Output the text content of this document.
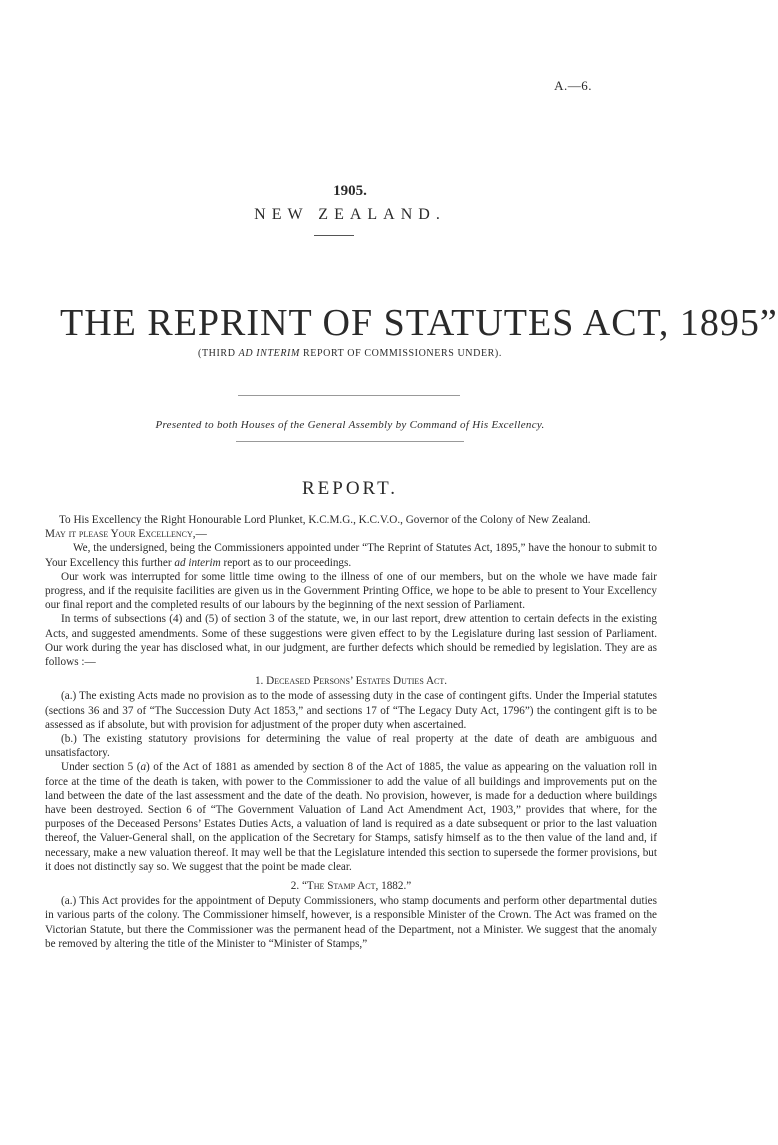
A.—6.
1905.
NEW ZEALAND.
THE REPRINT OF STATUTES ACT, 1895”
(THIRD AD INTERIM REPORT OF COMMISSIONERS UNDER).
Presented to both Houses of the General Assembly by Command of His Excellency.
REPORT.

To His Excellency the Right Honourable Lord Plunket, K.C.M.G., K.C.V.O., Governor of the Colony of New Zealand.

May it please Your Excellency,—

We, the undersigned, being the Commissioners appointed under “The Reprint of Statutes Act, 1895,” have the honour to submit to Your Excellency this further ad interim report as to our proceedings.

Our work was interrupted for some little time owing to the illness of one of our members, but on the whole we have made fair progress, and if the requisite facilities are given us in the Government Printing Office, we hope to be able to present to Your Excellency our final report and the completed results of our labours by the beginning of the next session of Parliament.

In terms of subsections (4) and (5) of section 3 of the statute, we, in our last report, drew attention to certain defects in the existing Acts, and suggested amendments. Some of these suggestions were given effect to by the Legislature during last session of Parliament. Our work during the year has disclosed what, in our judgment, are further defects which should be remedied by legislation. They are as follows :—

1. Deceased Persons’ Estates Duties Act.

(a.) The existing Acts made no provision as to the mode of assessing duty in the case of contingent gifts. Under the Imperial statutes (sections 36 and 37 of “The Succession Duty Act 1853,” and sections 17 of “The Legacy Duty Act, 1796”) the contingent gift is to be assessed as if absolute, but with provision for adjustment of the proper duty when ascertained.

(b.) The existing statutory provisions for determining the value of real property at the date of death are ambiguous and unsatisfactory.

Under section 5 (a) of the Act of 1881 as amended by section 8 of the Act of 1885, the value as appearing on the valuation roll in force at the time of the death is taken, with power to the Commissioner to add the value of all buildings and improvements put on the land between the date of the last assessment and the date of the death. No provision, however, is made for a deduction where buildings have been destroyed. Section 6 of “The Government Valuation of Land Act Amendment Act, 1903,” provides that where, for the purposes of the Deceased Persons’ Estates Duties Acts, a valuation of land is required as a date subsequent or prior to the last valuation thereof, the Valuer-General shall, on the application of the Secretary for Stamps, satisfy himself as to the then value of the land and, if necessary, make a new valuation thereof. It may well be that the Legislature intended this section to supersede the former provisions, but it does not distinctly say so. We suggest that the point be made clear.

2. “The Stamp Act, 1882.”

(a.) This Act provides for the appointment of Deputy Commissioners, who stamp documents and perform other departmental duties in various parts of the colony. The Commissioner himself, however, is a responsible Minister of the Crown. The Act was framed on the Victorian Statute, but there the Commissioner was the permanent head of the Department, not a Minister. We suggest that the anomaly be removed by altering the title of the Minister to “Minister of Stamps,”
